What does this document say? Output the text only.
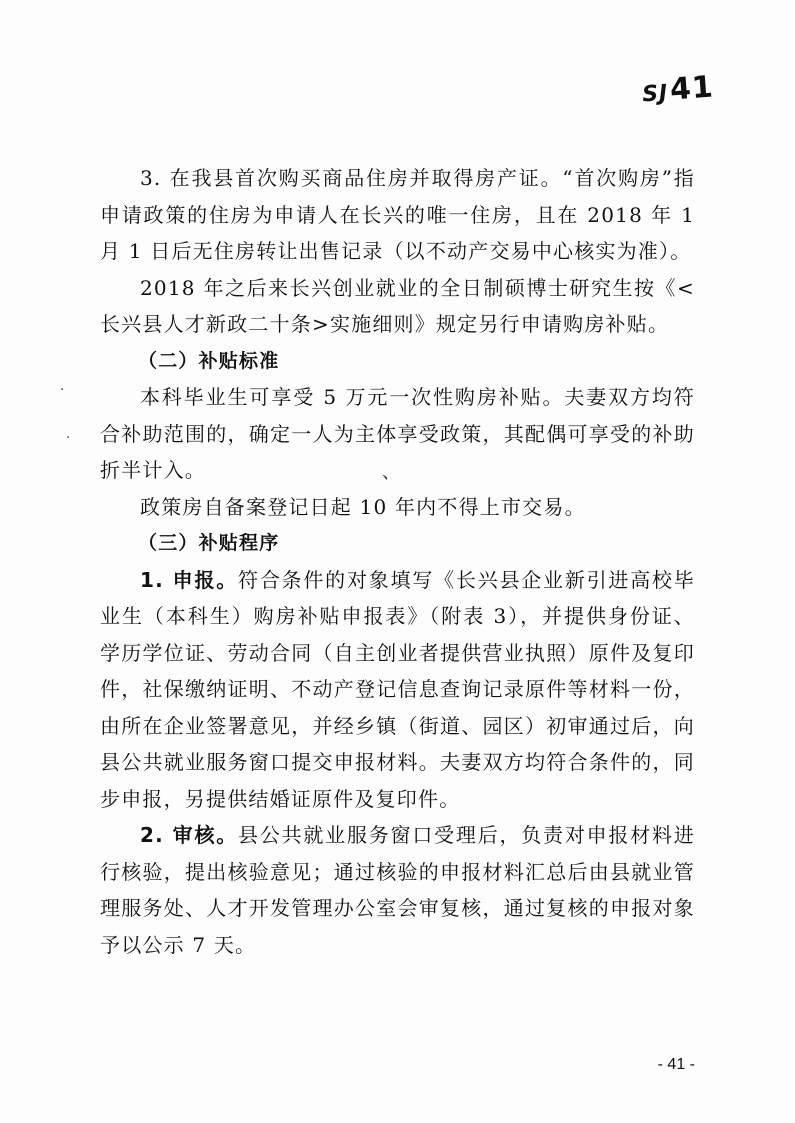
SJ41
·
·
、

3. 在我县首次购买商品住房并取得房产证。“首次购房”指申请政策的住房为申请人在长兴的唯一住房，且在 2018 年 1 月 1 日后无住房转让出售记录（以不动产交易中心核实为准）。

2018 年之后来长兴创业就业的全日制硕博士研究生按《<长兴县人才新政二十条>实施细则》规定另行申请购房补贴。

（二）补贴标准

本科毕业生可享受 5 万元一次性购房补贴。夫妻双方均符合补助范围的，确定一人为主体享受政策，其配偶可享受的补助折半计入。

政策房自备案登记日起 10 年内不得上市交易。

（三）补贴程序

1. 申报。符合条件的对象填写《长兴县企业新引进高校毕业生（本科生）购房补贴申报表》（附表 3），并提供身份证、学历学位证、劳动合同（自主创业者提供营业执照）原件及复印件，社保缴纳证明、不动产登记信息查询记录原件等材料一份，由所在企业签署意见，并经乡镇（街道、园区）初审通过后，向县公共就业服务窗口提交申报材料。夫妻双方均符合条件的，同步申报，另提供结婚证原件及复印件。

2. 审核。县公共就业服务窗口受理后，负责对申报材料进行核验，提出核验意见；通过核验的申报材料汇总后由县就业管理服务处、人才开发管理办公室会审复核，通过复核的申报对象予以公示 7 天。

- 41 -
